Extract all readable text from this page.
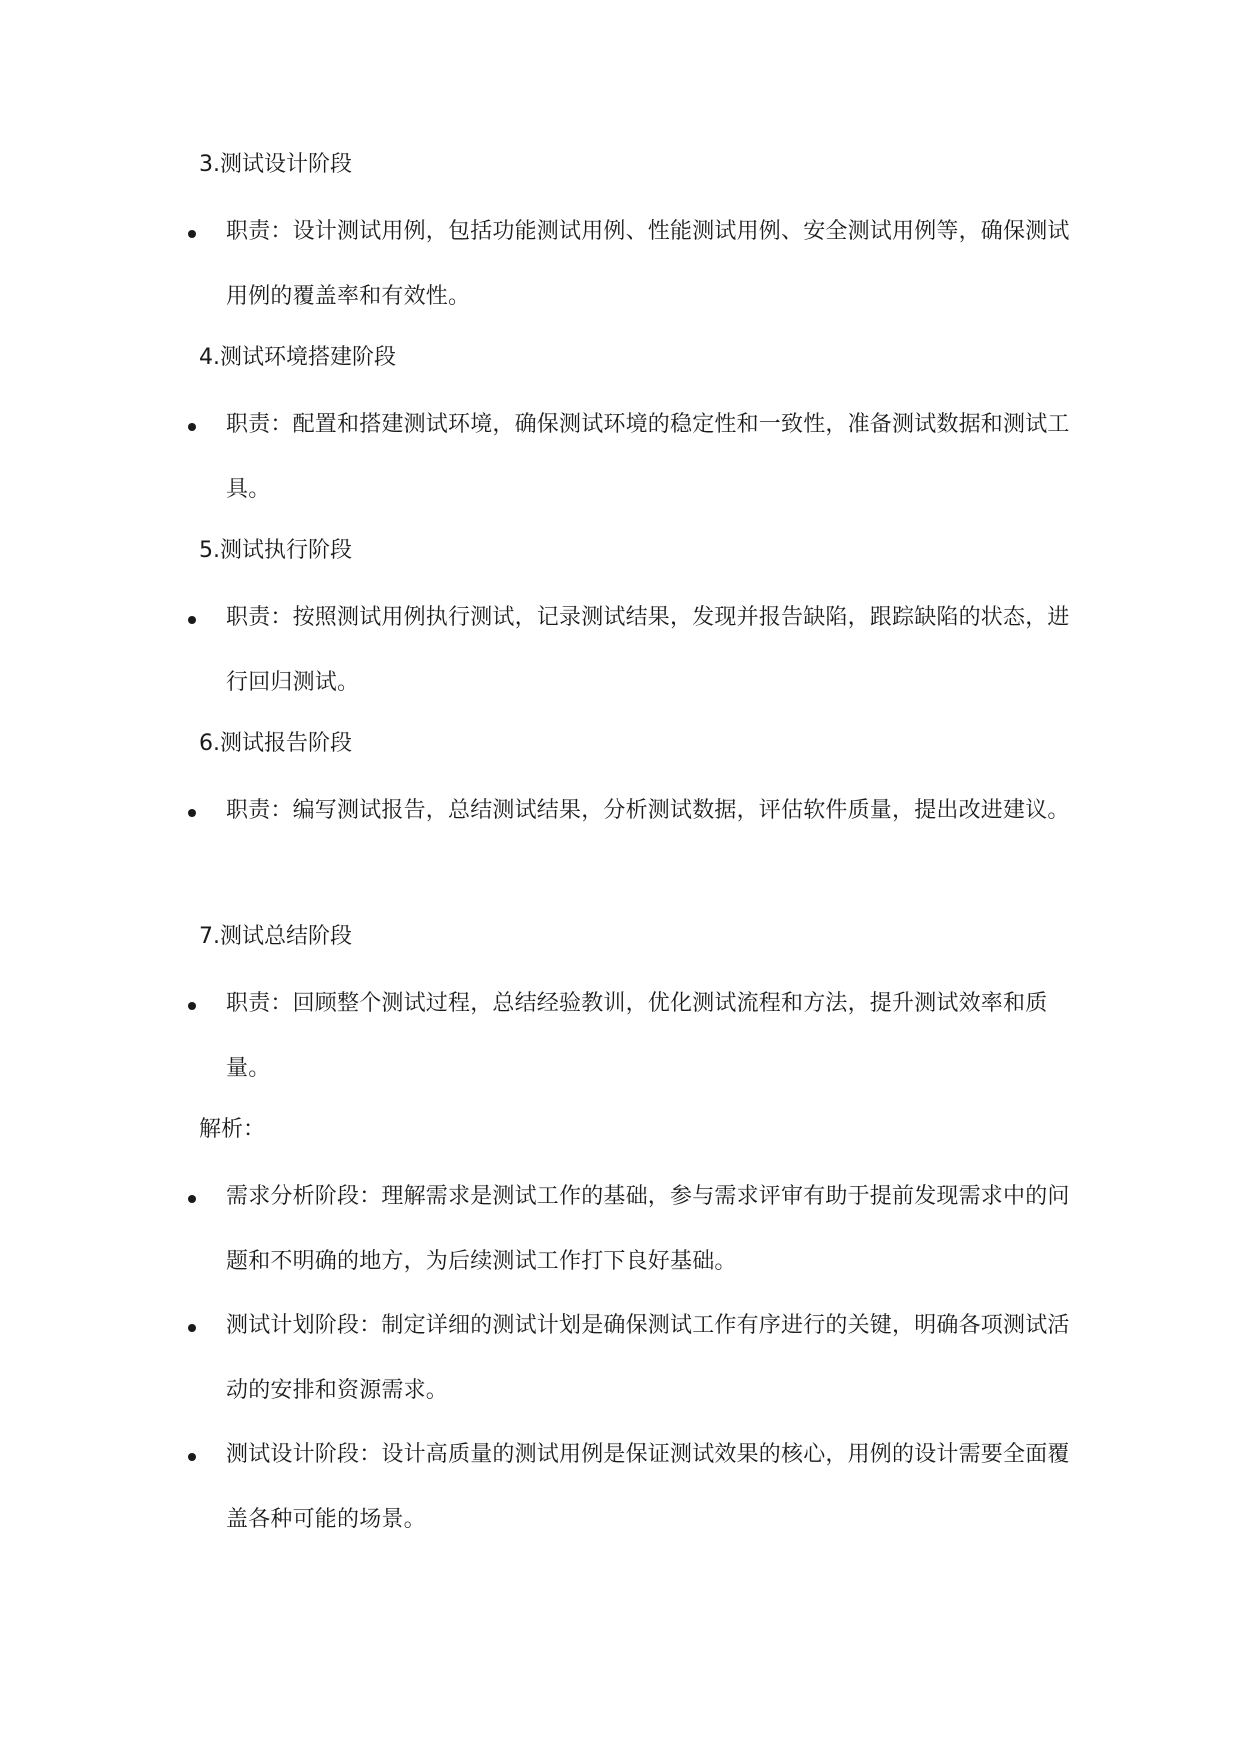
3.测试设计阶段
职责：设计测试用例，包括功能测试用例、性能测试用例、安全测试用例等，确保测试用例的覆盖率和有效性。
4.测试环境搭建阶段
职责：配置和搭建测试环境，确保测试环境的稳定性和一致性，准备测试数据和测试工具。
5.测试执行阶段
职责：按照测试用例执行测试，记录测试结果，发现并报告缺陷，跟踪缺陷的状态，进行回归测试。
6.测试报告阶段
职责：编写测试报告，总结测试结果，分析测试数据，评估软件质量，提出改进建议。
7.测试总结阶段
职责：回顾整个测试过程，总结经验教训，优化测试流程和方法，提升测试效率和质量。
解析：
需求分析阶段：理解需求是测试工作的基础，参与需求评审有助于提前发现需求中的问题和不明确的地方，为后续测试工作打下良好基础。
测试计划阶段：制定详细的测试计划是确保测试工作有序进行的关键，明确各项测试活动的安排和资源需求。
测试设计阶段：设计高质量的测试用例是保证测试效果的核心，用例的设计需要全面覆盖各种可能的场景。
